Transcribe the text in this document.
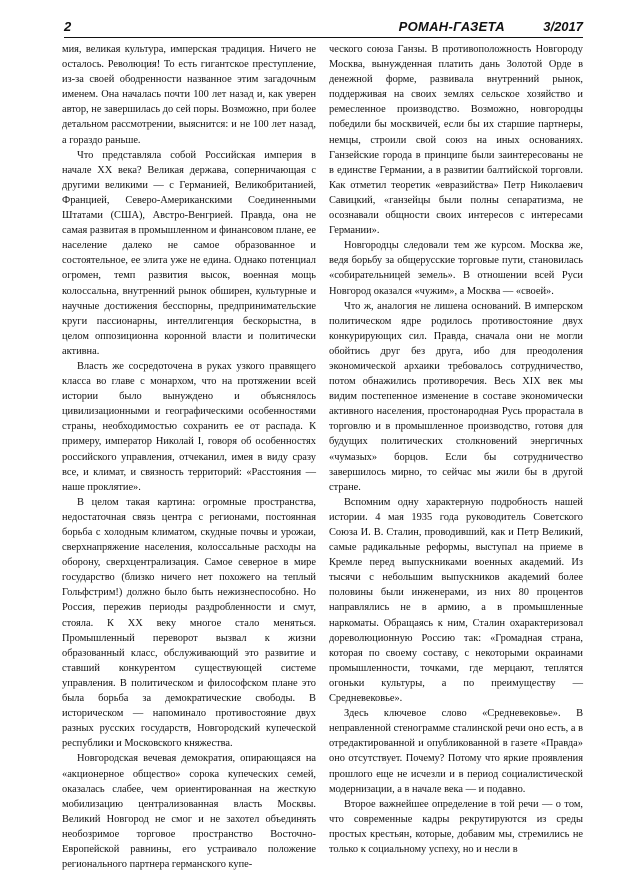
2	РОМАН-ГАЗЕТА	3/2017

мия, великая культура, имперская традиция. Ничего не осталось. Революция! То есть гигантское преступление, из-за своей ободренности названное этим загадочным именем. Она началась почти 100 лет назад и, как уверен автор, не завершилась до сей поры. Возможно, при более детальном рассмотрении, выяснится: и не 100 лет назад, а гораздо раньше.

Что представляла собой Российская империя в начале XX века? Великая держава, соперничающая с другими великими — с Германией, Великобританией, Францией, Северо-Американскими Соединенными Штатами (США), Австро-Венгрией. Правда, она не самая развитая в промышленном и финансовом плане, ее население далеко не самое образованное и состоятельное, ее элита уже не едина. Однако потенциал огромен, темп развития высок, военная мощь колоссальна, внутренний рынок обширен, культурные и научные достижения бесспорны, предпринимательские круги пассионарны, интеллигенция бескорыстна, в целом оппозиционна коронной власти и политически активна.

Власть же сосредоточена в руках узкого правящего класса во главе с монархом, что на протяжении всей истории было вынуждено и объяснялось цивилизационными и географическими особенностями страны, необходимостью сохранить ее от распада. К примеру, император Николай I, говоря об особенностях российского управления, отчеканил, имея в виду сразу все, и климат, и связность территорий: «Расстояния — наше проклятие».

В целом такая картина: огромные пространства, недостаточная связь центра с регионами, постоянная борьба с холодным климатом, скудные почвы и урожаи, сверхнапряжение населения, колоссальные расходы на оборону, сверхцентрализация. Самое северное в мире государство (близко ничего нет похожего на теплый Гольфстрим!) должно было быть нежизнеспособно. Но Россия, пережив периоды раздробленности и смут, стояла. К XX веку многое стало меняться. Промышленный переворот вызвал к жизни образованный класс, обслуживающий это развитие и ставший конкурентом существующей системе управления. В политическом и философском плане это была борьба за демократические свободы. В историческом — напоминало противостояние двух разных русских государств, Новгородский купеческой республики и Московского княжества.

Новгородская вечевая демократия, опирающаяся на «акционерное общество» сорока купеческих семей, оказалась слабее, чем ориентированная на жесткую мобилизацию централизованная власть Москвы. Великий Новгород не смог и не захотел объединять необозримое торговое пространство Восточно-Европейской равнины, его устраивало положение регионального партнера германского купе-

ческого союза Ганзы. В противоположность Новгороду Москва, вынужденная платить дань Золотой Орде в денежной форме, развивала внутренний рынок, поддерживая на своих землях сельское хозяйство и ремесленное производство. Возможно, новгородцы победили бы москвичей, если бы их старшие партнеры, немцы, строили свой союз на иных основаниях. Ганзейские города в принципе были заинтересованы не в единстве Германии, а в развитии балтийской торговли. Как отметил теоретик «евразийства» Петр Николаевич Савицкий, «ганзейцы были полны сепаратизма, не осознавали общности своих интересов с интересами Германии».

Новгородцы следовали тем же курсом. Москва же, ведя борьбу за общерусские торговые пути, становилась «собирательницей земель». В отношении всей Руси Новгород оказался «чужим», а Москва — «своей».

Что ж, аналогия не лишена оснований. В имперском политическом ядре родилось противостояние двух конкурирующих сил. Правда, сначала они не могли обойтись друг без друга, ибо для преодоления экономической архаики требовалось сотрудничество, потом обнажились противоречия. Весь XIX век мы видим постепенное изменение в составе экономически активного населения, простонародная Русь прорастала в торговлю и в промышленное производство, готовя для будущих политических столкновений энергичных «чумазых» борцов. Если бы сотрудничество завершилось мирно, то сейчас мы жили бы в другой стране.

Вспомним одну характерную подробность нашей истории. 4 мая 1935 года руководитель Советского Союза И. В. Сталин, проводивший, как и Петр Великий, самые радикальные реформы, выступал на приеме в Кремле перед выпускниками военных академий. Из тысячи с небольшим выпускников академий более половины были инженерами, из них 80 процентов направлялись не в армию, а в промышленные наркоматы. Обращаясь к ним, Сталин охарактеризовал дореволюционную Россию так: «Громадная страна, которая по своему составу, с некоторыми окраинами промышленности, точками, где мерцают, теплятся огоньки культуры, а по преимуществу — Средневековье».

Здесь ключевое слово «Средневековье». В неправленной стенограмме сталинской речи оно есть, а в отредактированной и опубликованной в газете «Правда» оно отсутствует. Почему? Потому что яркие проявления прошлого еще не исчезли и в период социалистической модернизации, а в начале века — и подавно.

Второе важнейшее определение в той речи — о том, что современные кадры рекрутируются из среды простых крестьян, которые, добавим мы, стремились не только к социальному успеху, но и несли в
